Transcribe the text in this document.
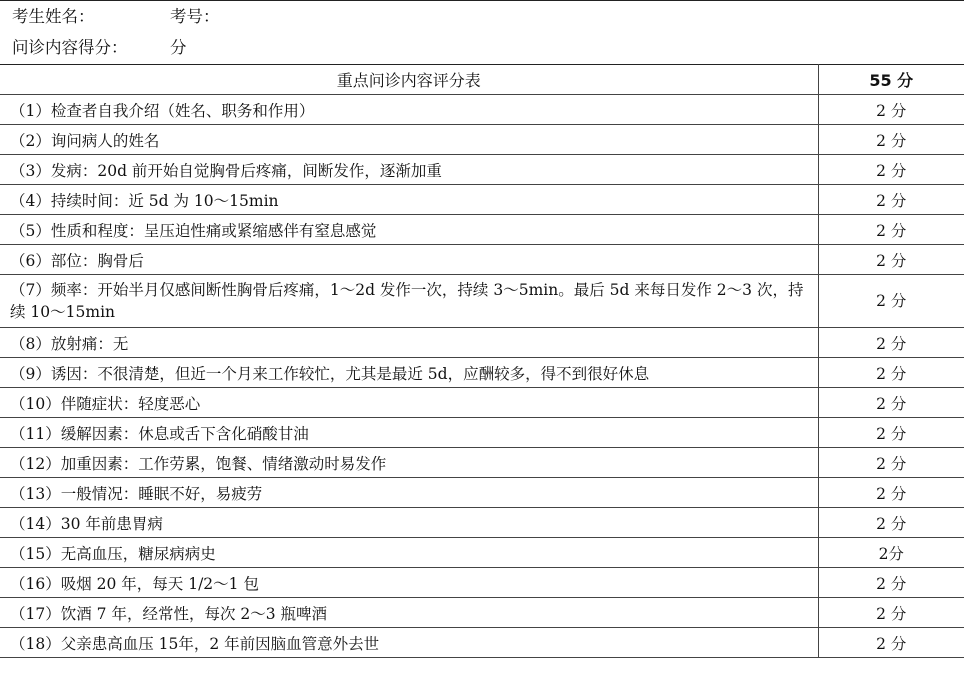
考生姓名：	考号：
问诊内容得分：	分
重点问诊内容评分表	55 分
（1）检查者自我介绍（姓名、职务和作用）	2 分
（2）询问病人的姓名	2 分
（3）发病：20d 前开始自觉胸骨后疼痛，间断发作，逐渐加重	2 分
（4）持续时间：近 5d 为 10～15min	2 分
（5）性质和程度：呈压迫性痛或紧缩感伴有窒息感觉	2 分
（6）部位：胸骨后	2 分
（7）频率：开始半月仅感间断性胸骨后疼痛，1～2d 发作一次，持续 3～5min。最后 5d 来每日发作 2～3 次，持续 10～15min	2 分
（8）放射痛：无	2 分
（9）诱因：不很清楚，但近一个月来工作较忙，尤其是最近 5d，应酬较多，得不到很好休息	2 分
（10）伴随症状：轻度恶心	2 分
（11）缓解因素：休息或舌下含化硝酸甘油	2 分
（12）加重因素：工作劳累，饱餐、情绪激动时易发作	2 分
（13）一般情况：睡眠不好，易疲劳	2 分
（14）30 年前患胃病	2 分
（15）无高血压，糖尿病病史	2分
（16）吸烟 20 年，每天 1/2～1 包	2 分
（17）饮酒 7 年，经常性，每次 2～3 瓶啤酒	2 分
（18）父亲患高血压 15年，2 年前因脑血管意外去世	2 分
